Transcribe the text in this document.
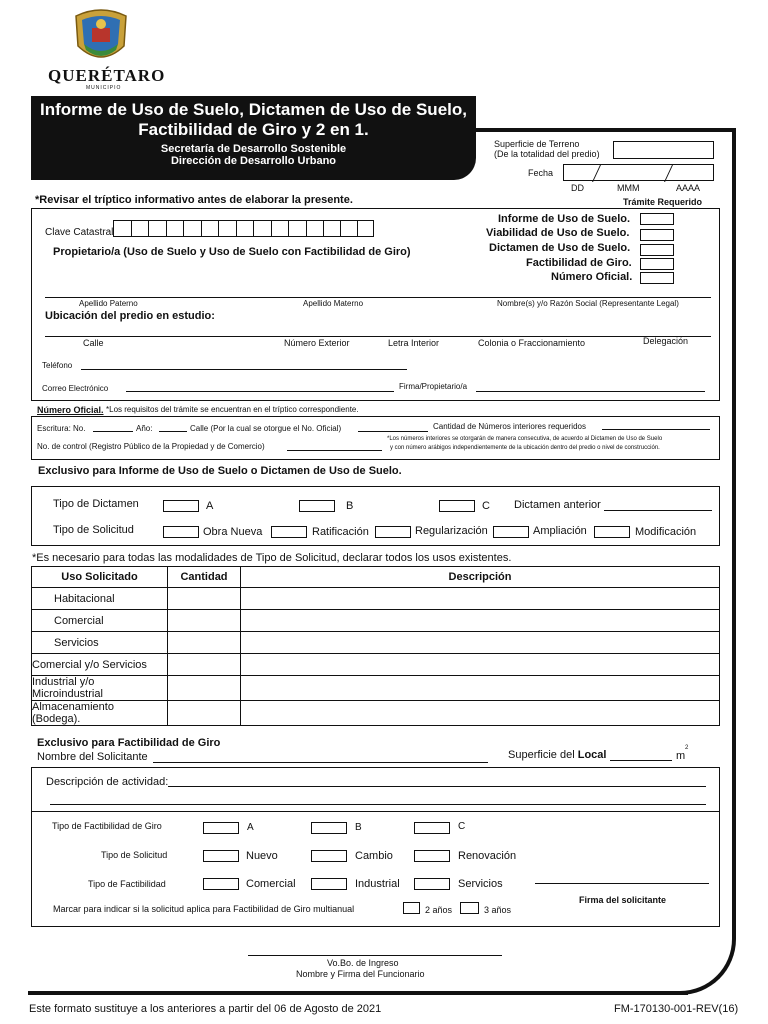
QUERÉTARO
MUNICIPIO
Informe de Uso de Suelo, Dictamen de Uso de Suelo,
Factibilidad de Giro y 2 en 1.
Secretaría de Desarrollo Sostenible
Dirección de Desarrollo Urbano
Superficie de Terreno
(De la totalidad del predio)
Fecha
DD	MMM	AAAA
Trámite Requerido
*Revisar el tríptico informativo antes de elaborar la presente.
Informe de Uso de Suelo.
Viabilidad de Uso de Suelo.
Dictamen de Uso de Suelo.
Factibilidad de Giro.
Número Oficial.
Clave Catastral
Propietario/a (Uso de Suelo y Uso de Suelo con Factibilidad de Giro)
Apellido Paterno	Apellido Materno	Nombre(s) y/o Razón Social (Representante Legal)
Ubicación del predio en estudio:
Calle	Número Exterior	Letra Interior	Colonia o Fraccionamiento	Delegación
Teléfono
Correo Electrónico	Firma/Propietario/a
Número Oficial. *Los requisitos del trámite se encuentran en el tríptico correspondiente.
Escritura: No.	Año:	Calle (Por la cual se otorgue el No. Oficial)	Cantidad de Números interiores requeridos
No. de control (Registro Público de la Propiedad y de Comercio)
*Los números interiores se otorgarán de manera consecutiva, de acuerdo al Dictamen de Uso de Suelo
y con número arábigos independientemente de la ubicación dentro del predio o nivel de construcción.
Exclusivo para Informe de Uso de Suelo o Dictamen de Uso de Suelo.
Tipo de Dictamen	A	B	C Dictamen anterior
Tipo de Solicitud	Obra Nueva	Ratificación	Regularización	Ampliación	Modificación
*Es necesario para todas las modalidades de Tipo de Solicitud, declarar todos los usos existentes.
Uso Solicitado	Cantidad	Descripción
Habitacional		
Comercial		
Servicios		
Comercial y/o Servicios		
Industrial y/o Microindustrial		
Almacenamiento (Bodega).		
Exclusivo para Factibilidad de Giro
Nombre del Solicitante	Superficie del Local	m
2
Descripción de actividad:
Tipo de Factibilidad de Giro	A	B	C
Tipo de Solicitud	Nuevo	Cambio	Renovación
Tipo de Factibilidad	Comercial	Industrial	Servicios
Firma del solicitante
Marcar para indicar si la solicitud aplica para Factibilidad de Giro multianual	2 años	3 años
Vo.Bo. de Ingreso
Nombre y Firma del Funcionario
Este formato sustituye a los anteriores a partir del 06 de Agosto de 2021	FM-170130-001-REV(16)
